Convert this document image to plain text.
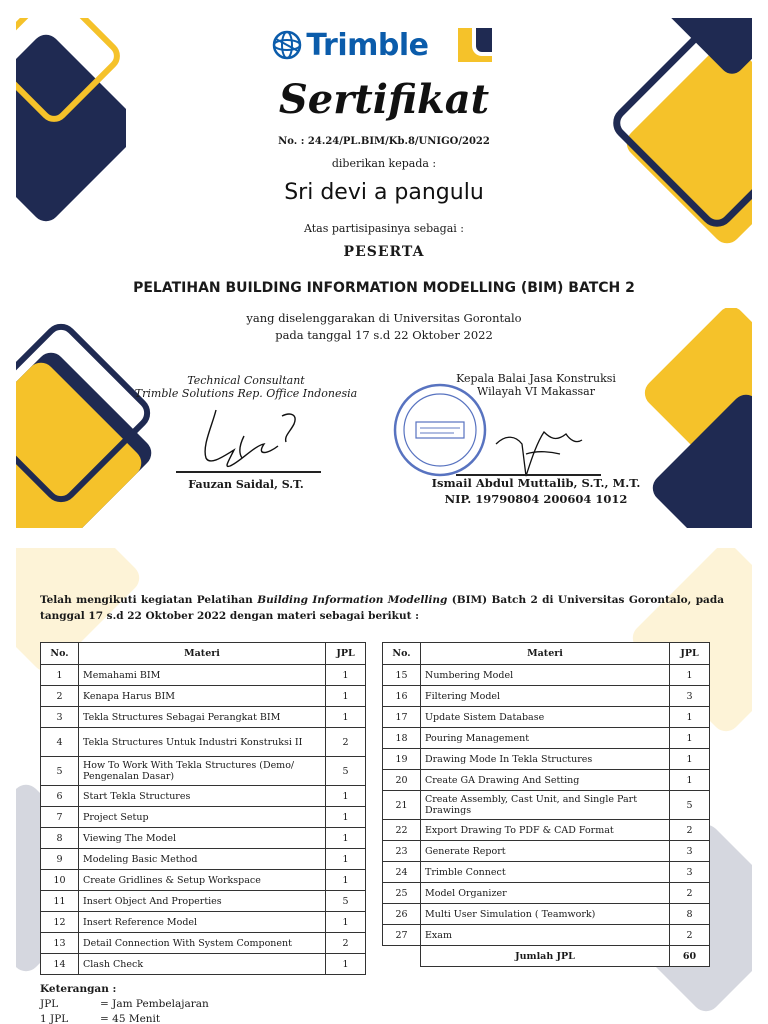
Trimble

Sertifikat
No. : 24.24/PL.BIM/Kb.8/UNIGO/2022
diberikan kepada :
Sri devi a pangulu
Atas partisipasinya sebagai :
PESERTA
PELATIHAN BUILDING INFORMATION MODELLING (BIM) BATCH 2
yang diselenggarakan di Universitas Gorontalo
pada tanggal 17 s.d 22 Oktober 2022
Technical Consultant
Trimble Solutions Rep. Office Indonesia
Fauzan Saidal, S.T.
Kepala Balai Jasa Konstruksi
Wilayah VI Makassar
Ismail Abdul Muttalib, S.T., M.T.
NIP. 19790804 200604 1012
Telah mengikuti kegiatan Pelatihan Building Information Modelling (BIM) Batch 2 di Universitas Gorontalo, pada tanggal 17 s.d 22 Oktober 2022 dengan materi sebagai berikut :
No.	Materi	JPL
1	Memahami BIM	1
2	Kenapa Harus BIM	1
3	Tekla Structures Sebagai Perangkat BIM	1
4	Tekla Structures Untuk Industri Konstruksi II	2
5	How To Work With Tekla Structures (Demo/ Pengenalan Dasar)	5
6	Start Tekla Structures	1
7	Project Setup	1
8	Viewing The Model	1
9	Modeling Basic Method	1
10	Create Gridlines & Setup Workspace	1
11	Insert Object And Properties	5
12	Insert Reference Model	1
13	Detail Connection With System Component	2
14	Clash Check	1
No.	Materi	JPL
15	Numbering Model	1
16	Filtering Model	3
17	Update Sistem Database	1
18	Pouring Management	1
19	Drawing Mode In Tekla Structures	1
20	Create GA Drawing And Setting	1
21	Create Assembly, Cast Unit, and Single Part Drawings	5
22	Export Drawing To PDF & CAD Format	2
23	Generate Report	3
24	Trimble Connect	3
25	Model Organizer	2
26	Multi User Simulation ( Teamwork)	8
27	Exam	2
	Jumlah JPL	60
Keterangan :
JPL	= Jam Pembelajaran
1 JPL	= 45 Menit
